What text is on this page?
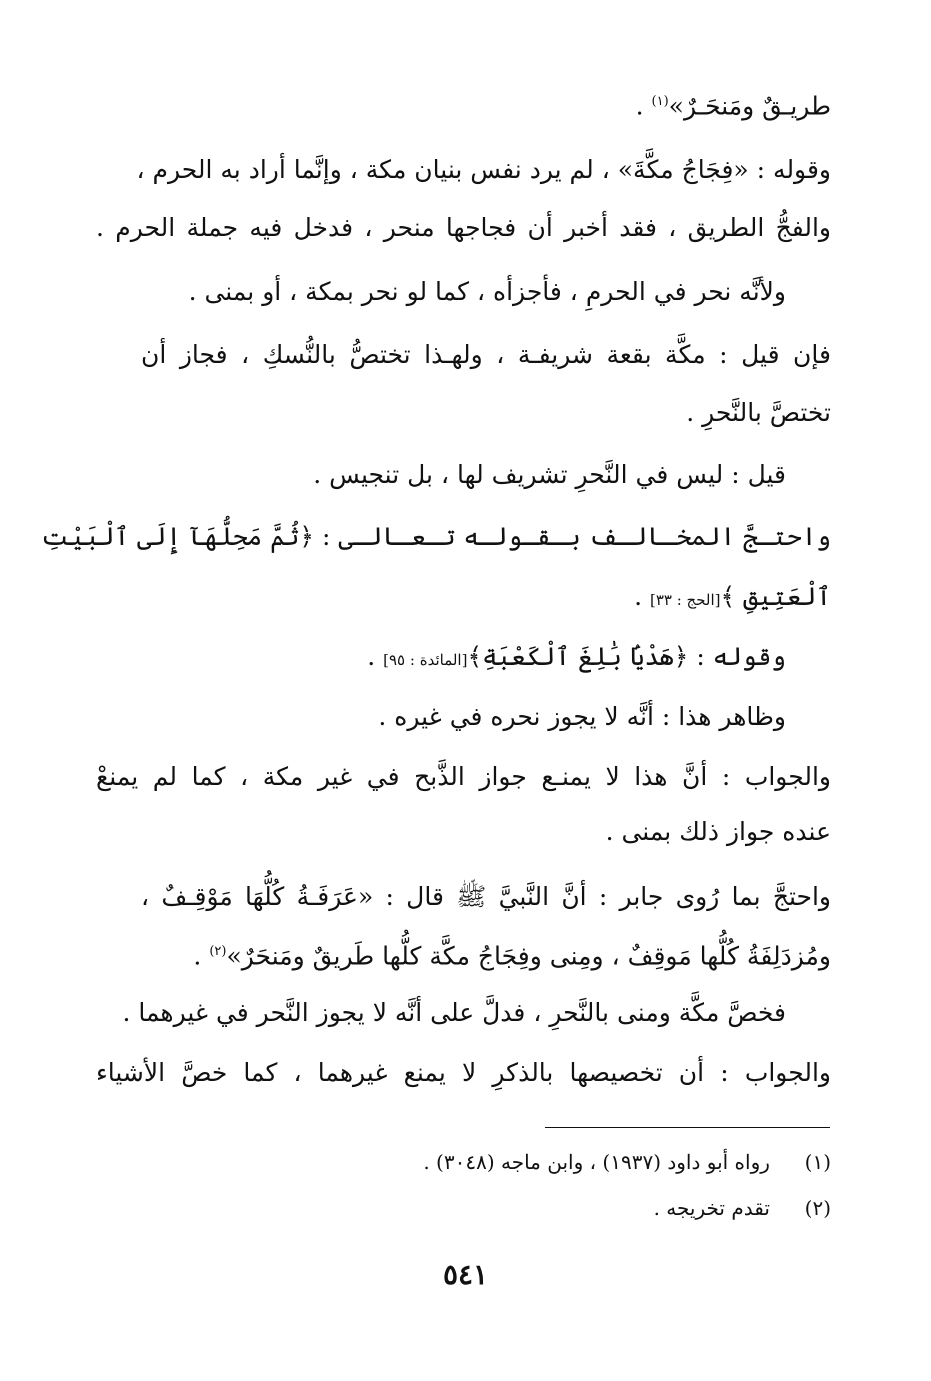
طريـقٌ ومَنحَـرٌ»$^{(١)}$ .
وقوله : «فِجَاجُ مكَّةَ» ، لم يرد نفس بنيان مكة ، وإنَّما أراد به الحرم ،
والفجُّ الطريق ، فقد أخبر أن فجاجها منحر ، فدخل فيه جملة الحرم .
ولأنَّه نحر في الحرمِ ، فأجزأه ، كما لو نحر بمكة ، أو بمنى .
فإن قيل : مكَّة بقعة شريفـة ، ولهـذا تختصُّ بالنُّسكِ ، فجاز أن
تختصَّ بالنَّحرِ .
قيل : ليس في النَّحرِ تشريف لها ، بل تنجيس .
واحتـجَّ المخـالـف بـقـولـه تـعـالـى : ﴿ثُمَّ مَحِلُّهَآ إِلَى ٱلْبَيْتِ
ٱلْعَتِيقِ ﴾[الحج : ٣٣] .
وقوله : ﴿هَدْيَۢا بَٰلِغَ ٱلْكَعْبَةِ﴾[المائدة : ٩٥] .
وظاهر هذا : أنَّه لا يجوز نحره في غيره .
والجواب : أنَّ هذا لا يمنـع جواز الذَّبح في غير مكة ، كما لم يمنعْ
عنده جواز ذلك بمنى .
واحتجَّ بما رُوى جابر : أنَّ النَّبيَّ ﷺ قال : «عَرَفَـةُ كُلُّهَا مَوْقِـفٌ ،
ومُزدَلِفَةُ كُلُّها مَوقِفٌ ، ومِنى وفِجَاجُ مكَّة كلُّها طَريقٌ ومَنحَرٌ»$^{(٢)}$ .
فخصَّ مكَّة ومنى بالنَّحرِ ، فدلَّ على أنَّه لا يجوز النَّحر في غيرهما .
والجواب : أن تخصيصها بالذكرِ لا يمنع غيرهما ، كما خصَّ الأشياء
(١)   رواه أبو داود (١٩٣٧) ، وابن ماجه (٣٠٤٨) .
(٢)   تقدم تخريجه .
٥٤١
